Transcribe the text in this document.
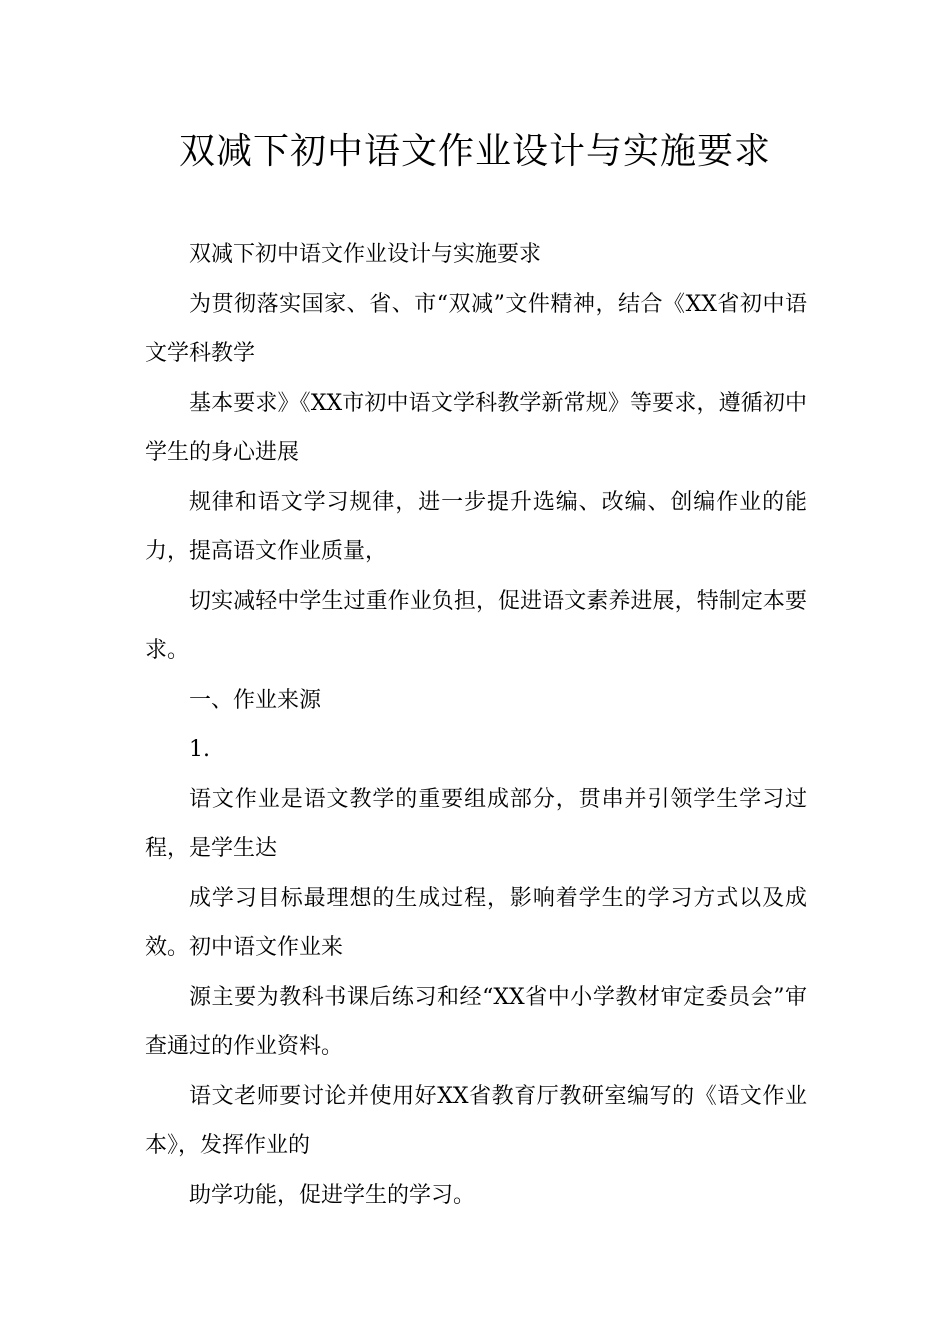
双减下初中语文作业设计与实施要求

双减下初中语文作业设计与实施要求

为贯彻落实国家、省、市“双减”文件精神，结合《XX省初中语文学科教学

基本要求》《XX市初中语文学科教学新常规》等要求，遵循初中学生的身心进展

规律和语文学习规律，进一步提升选编、改编、创编作业的能力，提高语文作业质量，

切实减轻中学生过重作业负担，促进语文素养进展，特制定本要求。

一、作业来源

1.

语文作业是语文教学的重要组成部分，贯串并引领学生学习过程，是学生达

成学习目标最理想的生成过程，影响着学生的学习方式以及成效。初中语文作业来

源主要为教科书课后练习和经“XX省中小学教材审定委员会”审查通过的作业资料。

语文老师要讨论并使用好XX省教育厅教研室编写的《语文作业本》，发挥作业的

助学功能，促进学生的学习。
